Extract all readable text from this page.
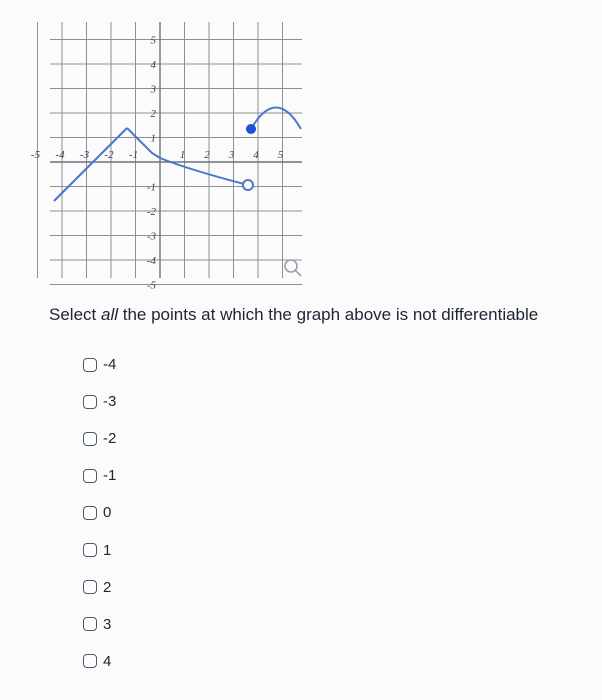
-5 -4 -3 -2 -1	1 2 3 4 5
5
4
3
2
1
-1
-2
-3
-4
-5
Select all the points at which the graph above is not differentiable
-4
-3
-2
-1
0
1
2
3
4
